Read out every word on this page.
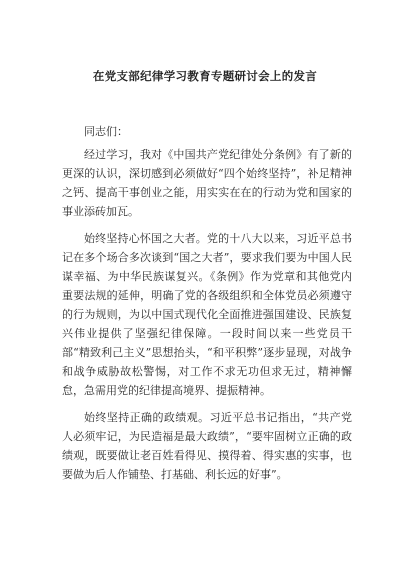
在党支部纪律学习教育专题研讨会上的发言

同志们：

经过学习，我对《中国共产党纪律处分条例》有了新的更深的认识，深切感到必须做好“四个始终坚持”，补足精神之钙、提高干事创业之能，用实实在在的行动为党和国家的事业添砖加瓦。

始终坚持心怀国之大者。党的十八大以来，习近平总书记在多个场合多次谈到“国之大者”，要求我们要为中国人民谋幸福、为中华民族谋复兴。《条例》作为党章和其他党内重要法规的延伸，明确了党的各级组织和全体党员必须遵守的行为规则，为以中国式现代化全面推进强国建设、民族复兴伟业提供了坚强纪律保障。一段时间以来一些党员干部“精致利己主义”思想抬头，“和平积弊”逐步显现，对战争和战争威胁故松警惕，对工作不求无功但求无过，精神懈怠，急需用党的纪律提高境界、提振精神。

始终坚持正确的政绩观。习近平总书记指出，“共产党人必须牢记，为民造福是最大政绩”，“要牢固树立正确的政绩观，既要做让老百姓看得见、摸得着、得实惠的实事，也要做为后人作铺垫、打基础、利长远的好事”。
